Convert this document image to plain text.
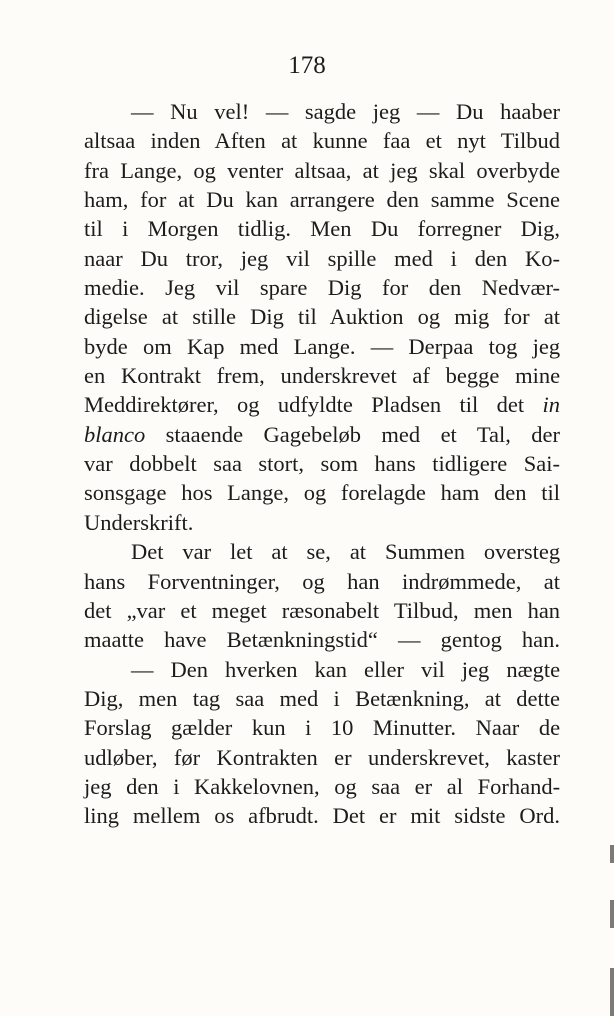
178
— Nu vel! — sagde jeg — Du haaber
altsaa inden Aften at kunne faa et nyt Tilbud
fra Lange, og venter altsaa, at jeg skal overbyde
ham, for at Du kan arrangere den samme Scene
til i Morgen tidlig. Men Du forregner Dig,
naar Du tror, jeg vil spille med i den Ko-
medie. Jeg vil spare Dig for den Nedvær-
digelse at stille Dig til Auktion og mig for at
byde om Kap med Lange. — Derpaa tog jeg
en Kontrakt frem, underskrevet af begge mine
Meddirektører, og udfyldte Pladsen til det in
blanco staaende Gagebeløb med et Tal, der
var dobbelt saa stort, som hans tidligere Sai-
sonsgage hos Lange, og forelagde ham den til
Underskrift.
Det var let at se, at Summen oversteg
hans Forventninger, og han indrømmede, at
det „var et meget ræsonabelt Tilbud, men han
maatte have Betænkningstid“ — gentog han.
— Den hverken kan eller vil jeg nægte
Dig, men tag saa med i Betænkning, at dette
Forslag gælder kun i 10 Minutter. Naar de
udløber, før Kontrakten er underskrevet, kaster
jeg den i Kakkelovnen, og saa er al Forhand-
ling mellem os afbrudt. Det er mit sidste Ord.
